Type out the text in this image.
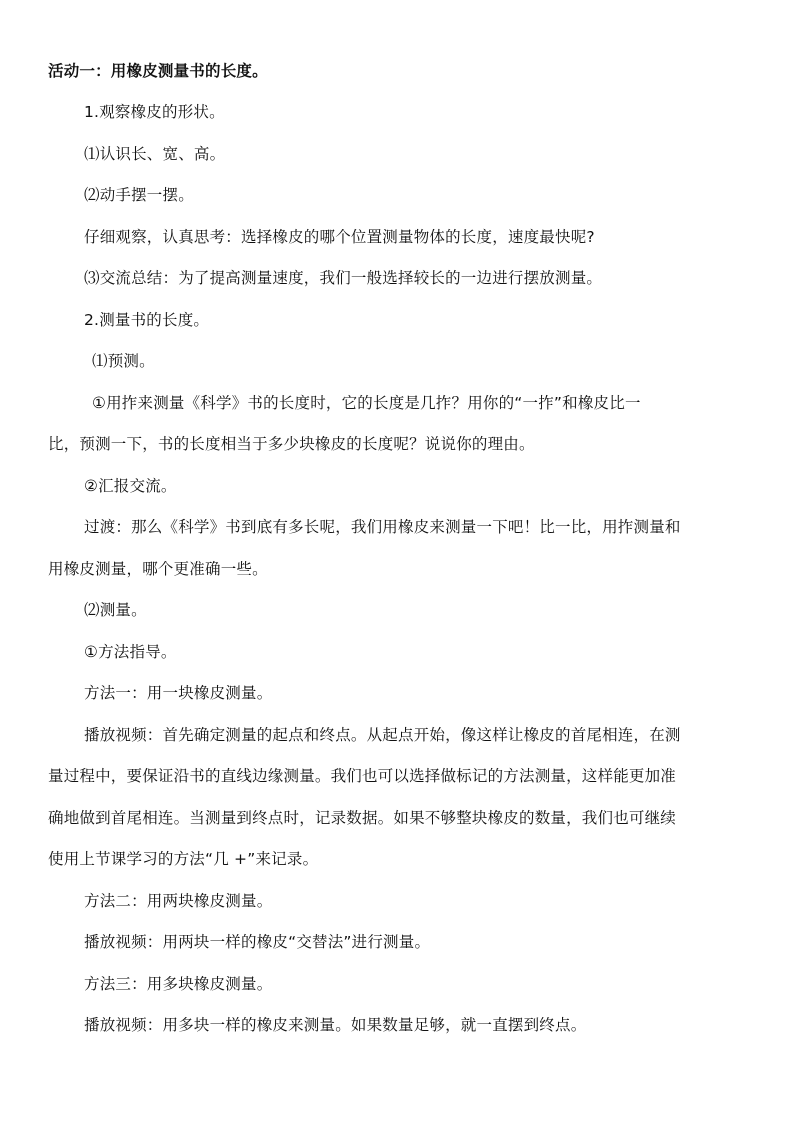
活动一：用橡皮测量书的长度。
1.观察橡皮的形状。
⑴认识长、宽、高。
⑵动手摆一摆。
仔细观察，认真思考：选择橡皮的哪个位置测量物体的长度，速度最快呢?
⑶交流总结：为了提高测量速度，我们一般选择较长的一边进行摆放测量。
2.测量书的长度。
⑴预测。
①用拃来测量《科学》书的长度时，它的长度是几拃？用你的“一拃”和橡皮比一
比，预测一下，书的长度相当于多少块橡皮的长度呢？说说你的理由。
②汇报交流。
过渡：那么《科学》书到底有多长呢，我们用橡皮来测量一下吧！比一比，用拃测量和
用橡皮测量，哪个更准确一些。
⑵测量。
①方法指导。
方法一：用一块橡皮测量。
播放视频：首先确定测量的起点和终点。从起点开始，像这样让橡皮的首尾相连，在测
量过程中，要保证沿书的直线边缘测量。我们也可以选择做标记的方法测量，这样能更加准
确地做到首尾相连。当测量到终点时，记录数据。如果不够整块橡皮的数量，我们也可继续
使用上节课学习的方法“几 +”来记录。
方法二：用两块橡皮测量。
播放视频：用两块一样的橡皮“交替法”进行测量。
方法三：用多块橡皮测量。
播放视频：用多块一样的橡皮来测量。如果数量足够，就一直摆到终点。
